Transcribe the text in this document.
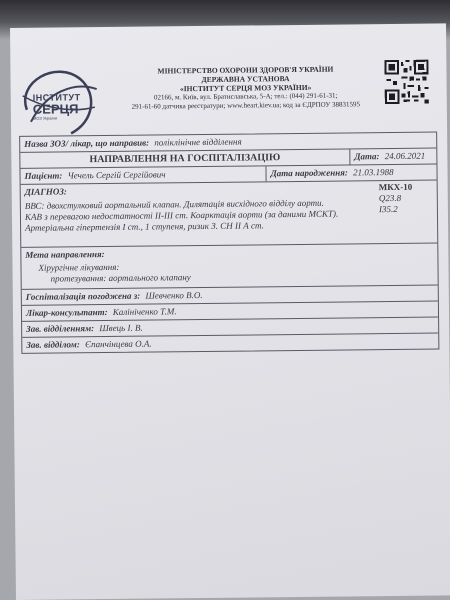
ІНСТИТУТ
СЕРЦЯ
МОЗ України
МІНІСТЕРСТВО ОХОРОНИ ЗДОРОВ'Я УКРАЇНИ
ДЕРЖАВНА УСТАНОВА
«ІНСТИТУТ СЕРЦЯ МОЗ УКРАЇНИ»
02166, м. Київ, вул. Братиславська, 5-А; тел.: (044) 291-61-31;
291-61-60 датчика реєстратури; www.heart.kiev.ua; код за ЄДРПОУ 38831595
Назва ЗОЗ/ лікар, що направив: поліклінічне відділення
НАПРАВЛЕННЯ НА ГОСПІТАЛІЗАЦІЮ	Дата: 24.06.2021
Пацієнт: Чечель Сергій Сергійович	Дата народження: 21.03.1988
ДІАГНОЗ:	МКХ-10
Q23.8
I35.2
ВВС: двохстулковий аортальний клапан. Дилятація висхідного відділу аорти.
КАВ з перевагою недостатності ІІ-ІІІ ст. Коарктація аорти (за даними МСКТ).
Артеріальна гіпертензія І ст., 1 ступеня, ризик 3. СН ІІ А ст.
Мета направлення:
Хірургічне лікування:
протезування: аортального клапану
Госпіталізація погоджена з: Шевченко В.О.
Лікар-консультант: Калініченко Т.М.
Зав. відділенням: Швець І. В.
Зав. відділом: Єпанчінцева О.А.
